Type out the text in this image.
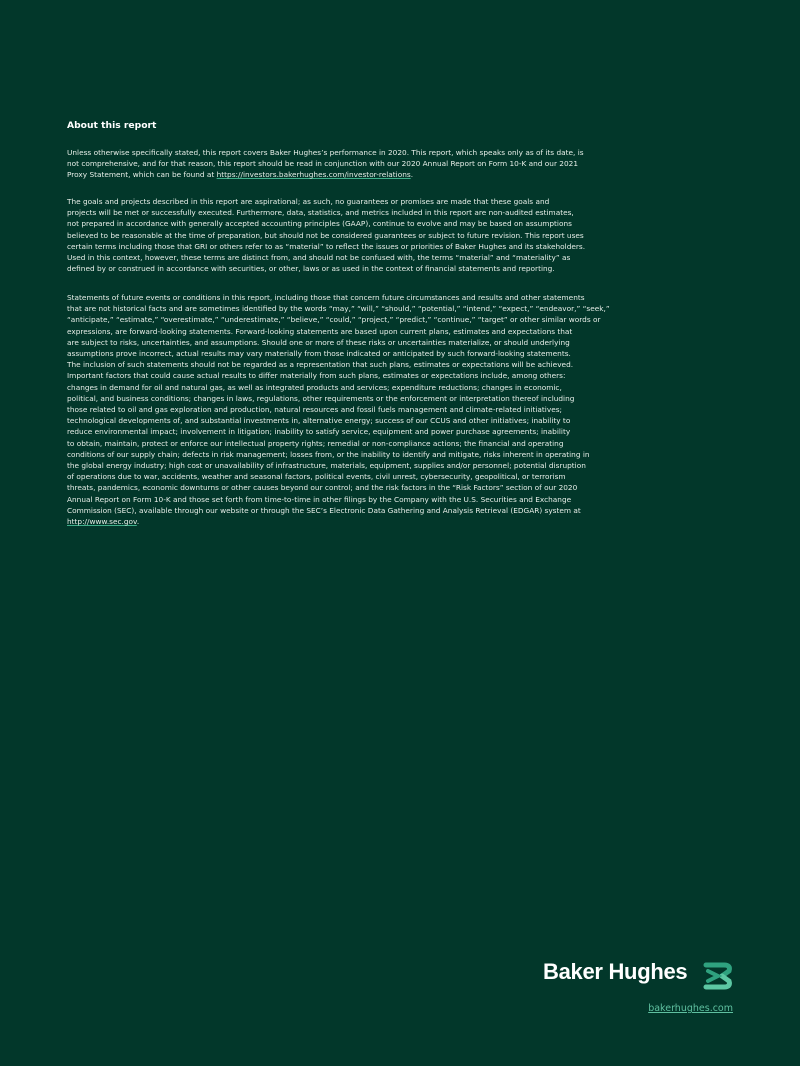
About this report
Unless otherwise specifically stated, this report covers Baker Hughes’s performance in 2020. This report, which speaks only as of its date, is
not comprehensive, and for that reason, this report should be read in conjunction with our 2020 Annual Report on Form 10-K and our 2021
Proxy Statement, which can be found at https://investors.bakerhughes.com/investor-relations.
The goals and projects described in this report are aspirational; as such, no guarantees or promises are made that these goals and
projects will be met or successfully executed. Furthermore, data, statistics, and metrics included in this report are non-audited estimates,
not prepared in accordance with generally accepted accounting principles (GAAP), continue to evolve and may be based on assumptions
believed to be reasonable at the time of preparation, but should not be considered guarantees or subject to future revision. This report uses
certain terms including those that GRI or others refer to as “material” to reflect the issues or priorities of Baker Hughes and its stakeholders.
Used in this context, however, these terms are distinct from, and should not be confused with, the terms “material” and “materiality” as
defined by or construed in accordance with securities, or other, laws or as used in the context of financial statements and reporting.
Statements of future events or conditions in this report, including those that concern future circumstances and results and other statements
that are not historical facts and are sometimes identified by the words “may,” “will,” “should,” “potential,” “intend,” “expect,” “endeavor,” “seek,”
“anticipate,” “estimate,” “overestimate,” “underestimate,” “believe,” “could,” “project,” “predict,” “continue,” “target” or other similar words or
expressions, are forward-looking statements. Forward-looking statements are based upon current plans, estimates and expectations that
are subject to risks, uncertainties, and assumptions. Should one or more of these risks or uncertainties materialize, or should underlying
assumptions prove incorrect, actual results may vary materially from those indicated or anticipated by such forward-looking statements.
The inclusion of such statements should not be regarded as a representation that such plans, estimates or expectations will be achieved.
Important factors that could cause actual results to differ materially from such plans, estimates or expectations include, among others:
changes in demand for oil and natural gas, as well as integrated products and services; expenditure reductions; changes in economic,
political, and business conditions; changes in laws, regulations, other requirements or the enforcement or interpretation thereof including
those related to oil and gas exploration and production, natural resources and fossil fuels management and climate-related initiatives;
technological developments of, and substantial investments in, alternative energy; success of our CCUS and other initiatives; inability to
reduce environmental impact; involvement in litigation; inability to satisfy service, equipment and power purchase agreements; inability
to obtain, maintain, protect or enforce our intellectual property rights; remedial or non-compliance actions; the financial and operating
conditions of our supply chain; defects in risk management; losses from, or the inability to identify and mitigate, risks inherent in operating in
the global energy industry; high cost or unavailability of infrastructure, materials, equipment, supplies and/or personnel; potential disruption
of operations due to war, accidents, weather and seasonal factors, political events, civil unrest, cybersecurity, geopolitical, or terrorism
threats, pandemics, economic downturns or other causes beyond our control; and the risk factors in the “Risk Factors” section of our 2020
Annual Report on Form 10-K and those set forth from time-to-time in other filings by the Company with the U.S. Securities and Exchange
Commission (SEC), available through our website or through the SEC’s Electronic Data Gathering and Analysis Retrieval (EDGAR) system at
http://www.sec.gov.
Baker Hughes
bakerhughes.com
